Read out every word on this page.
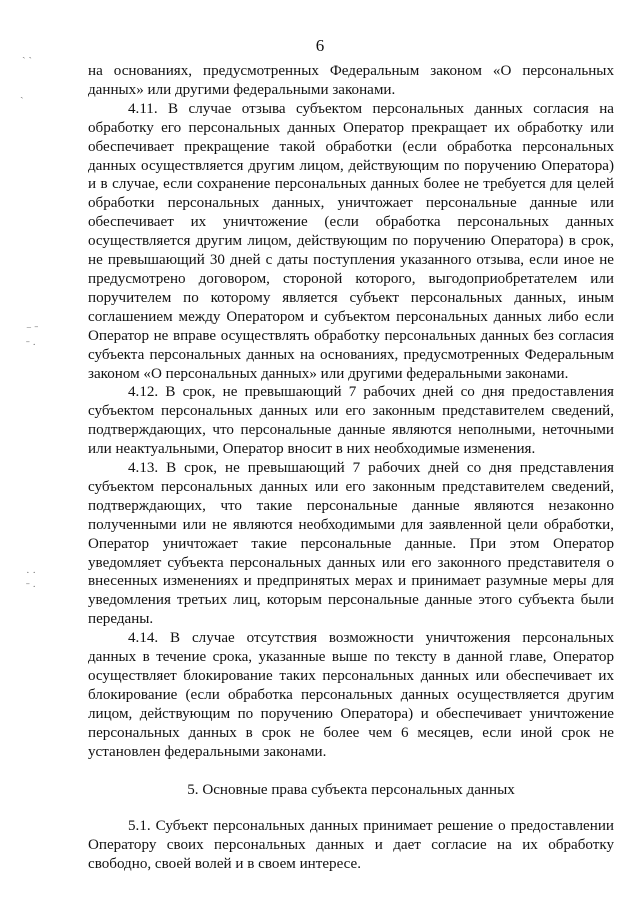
6
ˎ ˏ
ˏ
⁻ ˉ
ˉ ·
· ·
ˉ ·

на основаниях, предусмотренных Федеральным законом «О персональных данных» или другими федеральными законами.

4.11. В случае отзыва субъектом персональных данных согласия на обработку его персональных данных Оператор прекращает их обработку или обеспечивает прекращение такой обработки (если обработка персональных данных осуществляется другим лицом, действующим по поручению Оператора) и в случае, если сохранение персональных данных более не требуется для целей обработки персональных данных, уничтожает персональные данные или обеспечивает их уничтожение (если обработка персональных данных осуществляется другим лицом, действующим по поручению Оператора) в срок, не превышающий 30 дней с даты поступления указанного отзыва, если иное не предусмотрено договором, стороной которого, выгодоприобретателем или поручителем по которому является субъект персональных данных, иным соглашением между Оператором и субъектом персональных данных либо если Оператор не вправе осуществлять обработку персональных данных без согласия субъекта персональных данных на основаниях, предусмотренных Федеральным законом «О персональных данных» или другими федеральными законами.

4.12. В срок, не превышающий 7 рабочих дней со дня предоставления субъектом персональных данных или его законным представителем сведений, подтверждающих, что персональные данные являются неполными, неточными или неактуальными, Оператор вносит в них необходимые изменения.

4.13. В срок, не превышающий 7 рабочих дней со дня представления субъектом персональных данных или его законным представителем сведений, подтверждающих, что такие персональные данные являются незаконно полученными или не являются необходимыми для заявленной цели обработки, Оператор уничтожает такие персональные данные. При этом Оператор уведомляет субъекта персональных данных или его законного представителя о внесенных изменениях и предпринятых мерах и принимает разумные меры для уведомления третьих лиц, которым персональные данные этого субъекта были переданы.

4.14. В случае отсутствия возможности уничтожения персональных данных в течение срока, указанные выше по тексту в данной главе, Оператор осуществляет блокирование таких персональных данных или обеспечивает их блокирование (если обработка персональных данных осуществляется другим лицом, действующим по поручению Оператора) и обеспечивает уничтожение персональных данных в срок не более чем 6 месяцев, если иной срок не установлен федеральными законами.

5. Основные права субъекта персональных данных

5.1. Субъект персональных данных принимает решение о предоставлении Оператору своих персональных данных и дает согласие на их обработку свободно, своей волей и в своем интересе.
